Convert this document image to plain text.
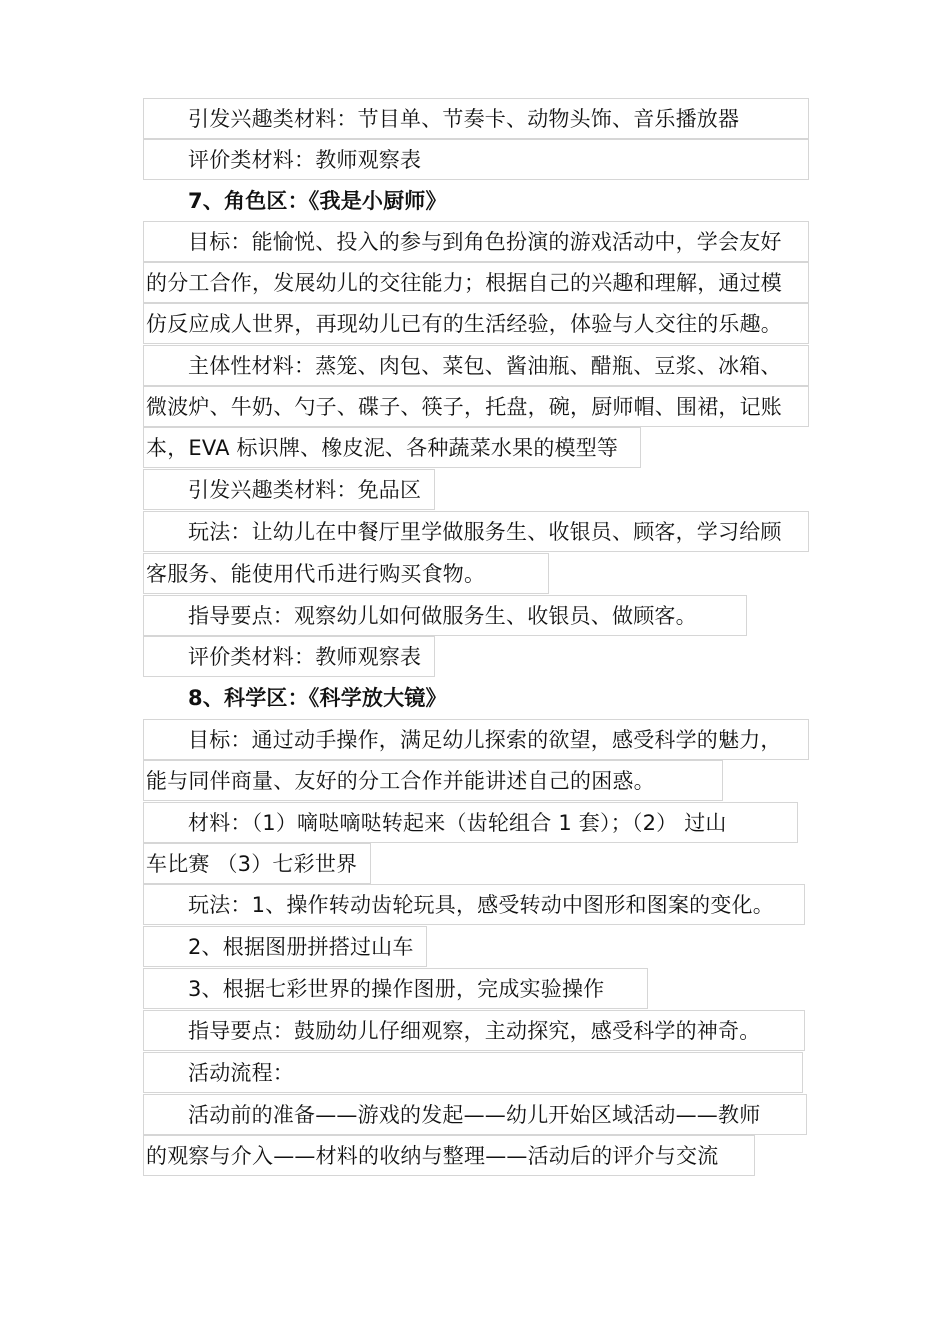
引发兴趣类材料：节目单、节奏卡、动物头饰、音乐播放器
评价类材料：教师观察表
7、角色区：《我是小厨师》
目标：能愉悦、投入的参与到角色扮演的游戏活动中，学会友好
的分工合作，发展幼儿的交往能力；根据自己的兴趣和理解，通过模
仿反应成人世界，再现幼儿已有的生活经验，体验与人交往的乐趣。
主体性材料：蒸笼、肉包、菜包、酱油瓶、醋瓶、豆浆、冰箱、
微波炉、牛奶、勺子、碟子、筷子，托盘，碗，厨师帽、围裙，记账
本，EVA 标识牌、橡皮泥、各种蔬菜水果的模型等
引发兴趣类材料：免品区
玩法：让幼儿在中餐厅里学做服务生、收银员、顾客，学习给顾
客服务、能使用代币进行购买食物。
指导要点：观察幼儿如何做服务生、收银员、做顾客。
评价类材料：教师观察表
8、科学区：《科学放大镜》
目标：通过动手操作，满足幼儿探索的欲望，感受科学的魅力，
能与同伴商量、友好的分工合作并能讲述自己的困惑。
材料：（1）嘀哒嘀哒转起来（齿轮组合 1 套）；（2） 过山
车比赛 （3）七彩世界
玩法：1、操作转动齿轮玩具，感受转动中图形和图案的变化。
2、根据图册拼搭过山车
3、根据七彩世界的操作图册，完成实验操作
指导要点：鼓励幼儿仔细观察，主动探究，感受科学的神奇。
活动流程：
活动前的准备——游戏的发起——幼儿开始区域活动——教师
的观察与介入——材料的收纳与整理——活动后的评介与交流
